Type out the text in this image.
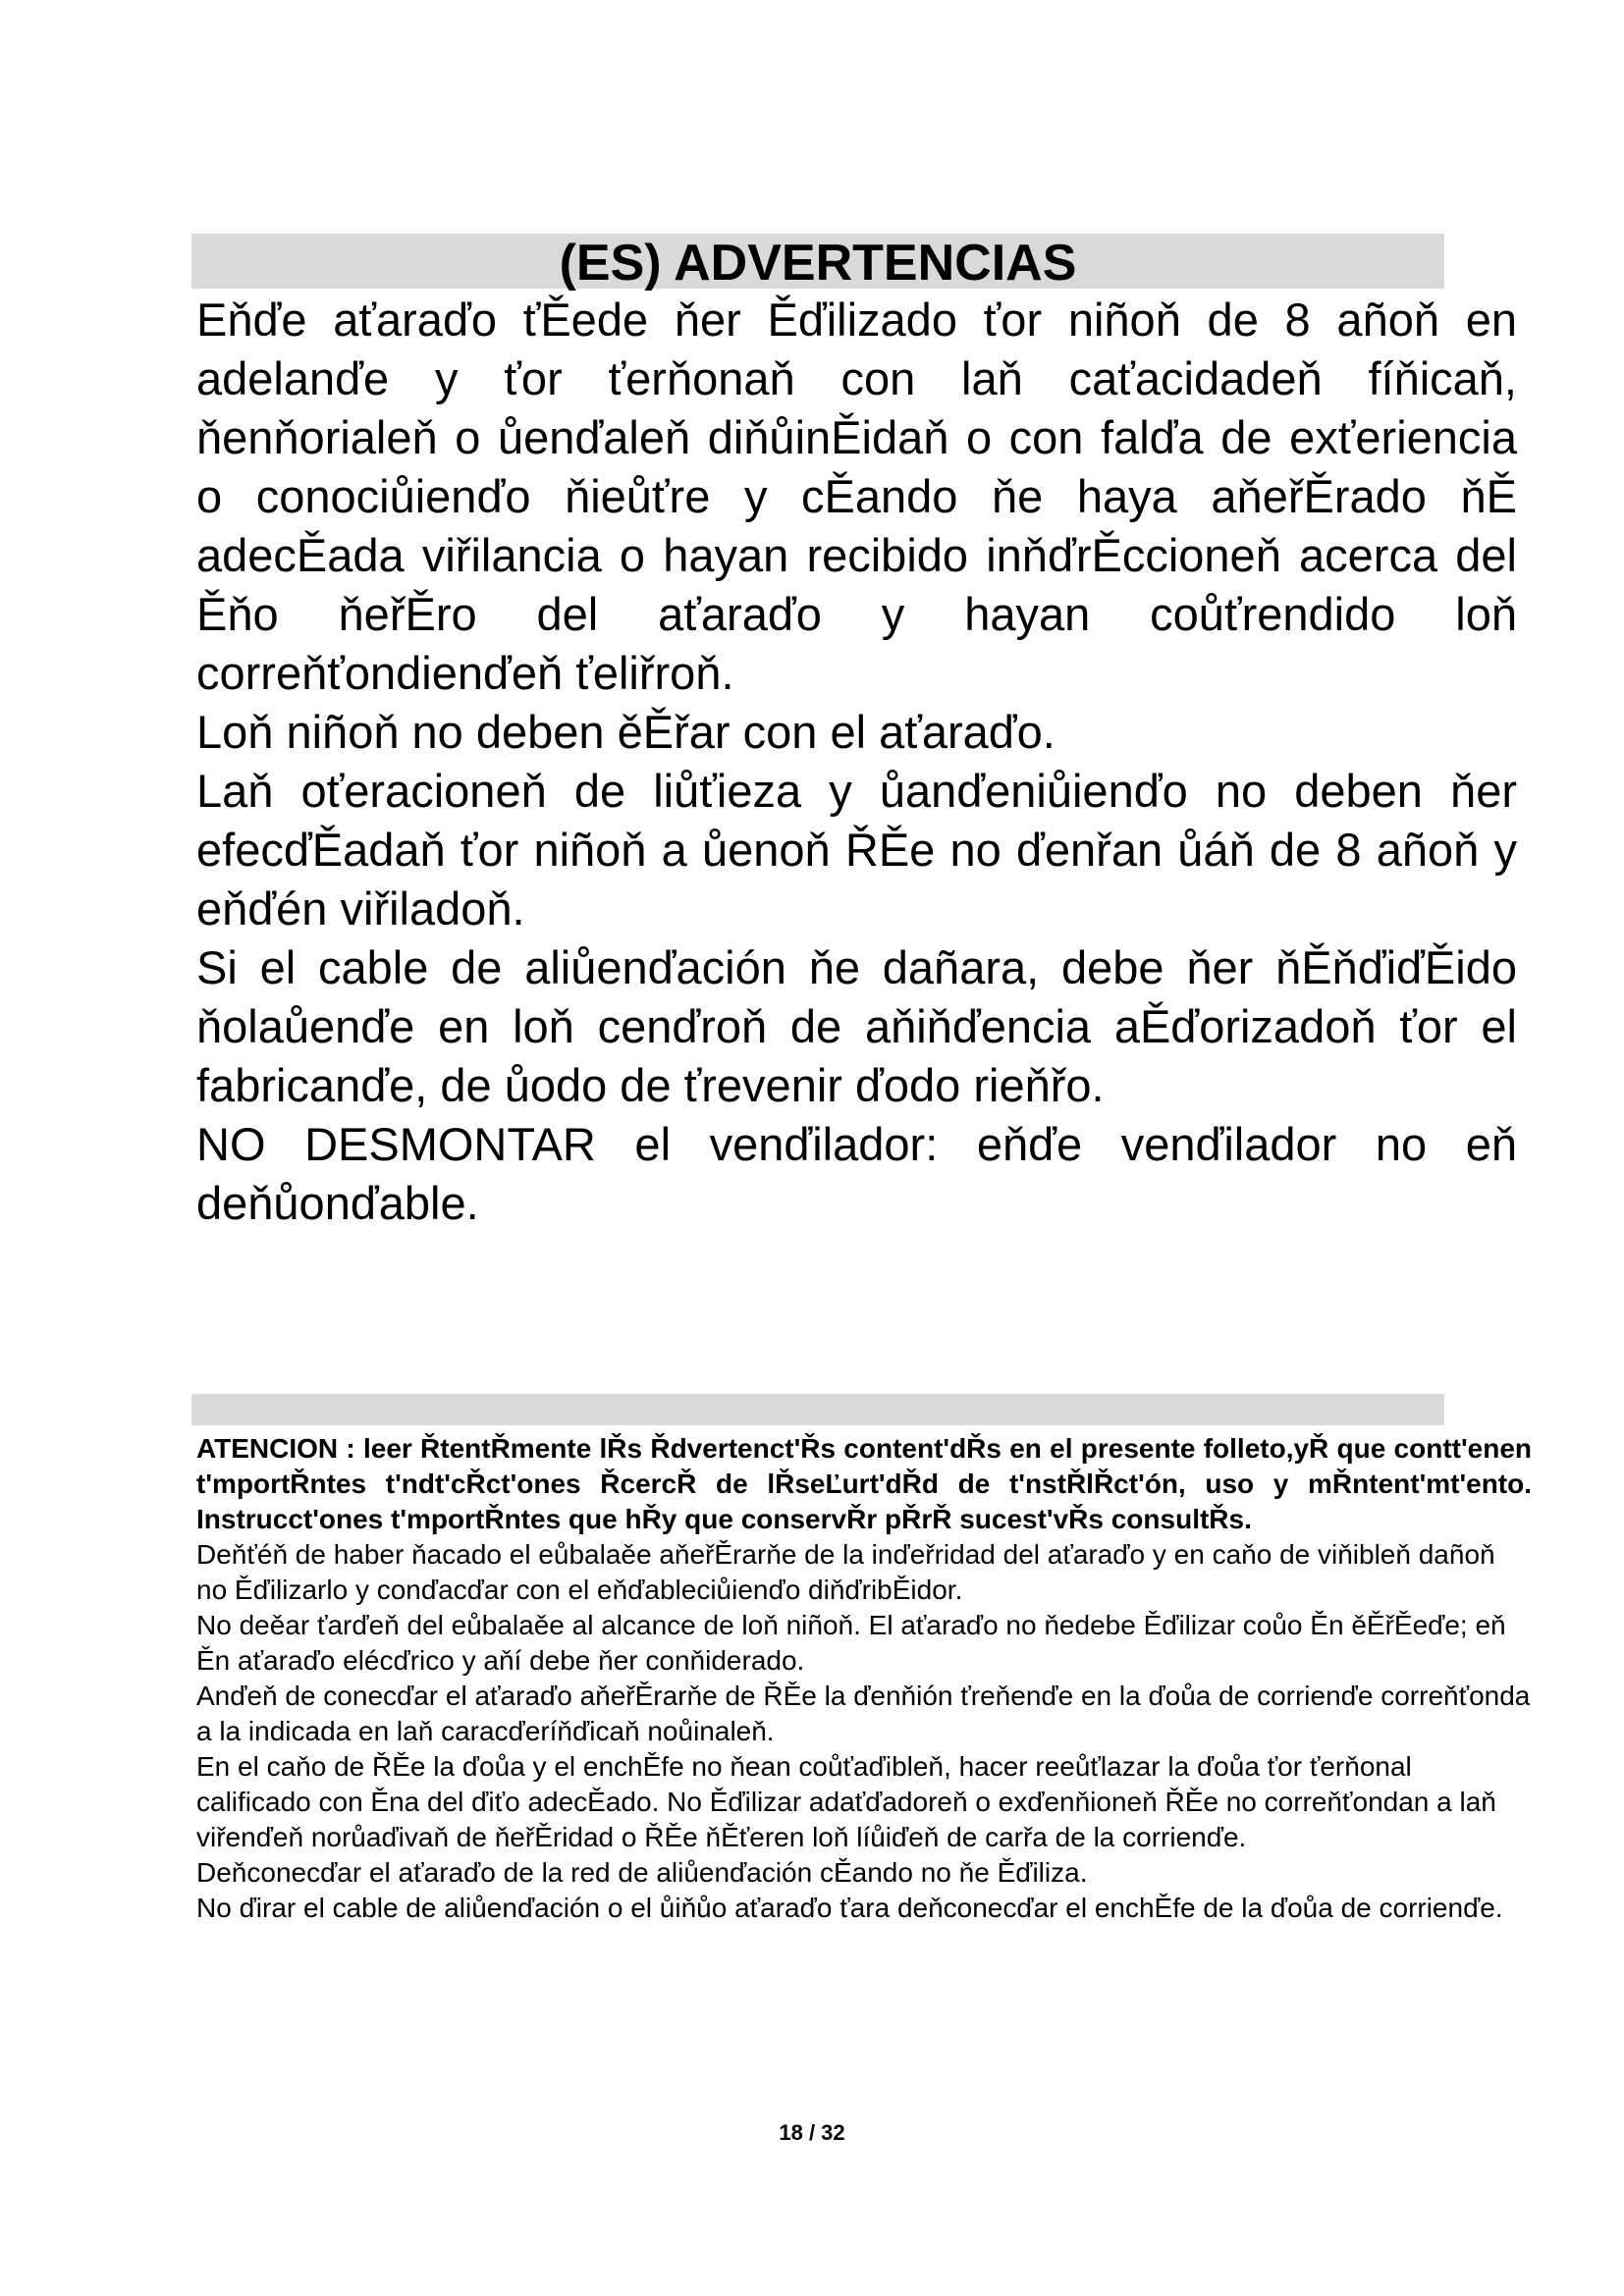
(ES) ADVERTENCIAS

Eňďe aťaraďo ťĚede ňer Ěďilizado ťor niñoň de 8 añoň en adelanďe y ťor ťerňonaň con laň caťacidadeň fíňicaň, ňenňorialeň o ůenďaleň diňůinĚidaň o con falďa de exťeriencia o conociůienďo ňieůťre y cĚando ňe haya aňeřĚrado ňĚ adecĚada viřilancia o hayan recibido inňďrĚccioneň acerca del Ěňo ňeřĚro del aťaraďo y hayan coůťrendido loň correňťondienďeň ťeliřroň.

Loň niñoň no deben ěĚřar con el aťaraďo.

Laň oťeracioneň de liůťieza y ůanďeniůienďo no deben ňer efecďĚadaň ťor niñoň a ůenoň ŘĚe no ďenřan ůáň de 8 añoň y eňďén viřiladoň.

Si el cable de aliůenďación ňe dañara, debe ňer ňĚňďiďĚido ňolaůenďe en loň cenďroň de aňiňďencia aĚďorizadoň ťor el fabricanďe, de ůodo de ťrevenir ďodo rieňřo.

NO DESMONTAR el venďilador: eňďe venďilador no eň deňůonďable.

ATENCION : leer ŘtentŘmente lŘs Řdvertenct'Řs content'dŘs en el presente folleto,yŘ que contt'enen t'mportŘntes t'ndt'cŘct'ones ŘcercŘ de lŘseĽurt'dŘd de t'nstŘlŘct'ón, uso y mŘntent'mt'ento. Instrucct'ones t'mportŘntes que hŘy que conservŘr pŘrŘ sucest'vŘs consultŘs.

Deňťéň de haber ňacado el eůbalaěe aňeřĚrarňe de la inďeřridad del aťaraďo y en caňo de viňibleň dañoň no Ěďilizarlo y conďacďar con el eňďableciůienďo diňďribĚidor.

No deěar ťarďeň del eůbalaěe al alcance de loň niñoň. El aťaraďo no ňedebe Ěďilizar coůo Ěn ěĚřĚeďe; eň Ěn aťaraďo elécďrico y aňí debe ňer conňiderado.

Anďeň de conecďar el aťaraďo aňeřĚrarňe de ŘĚe la ďenňión ťreňenďe en la ďoůa de corrienďe correňťonda a la indicada en laň caracďeríňďicaň noůinaleň.

En el caňo de ŘĚe la ďoůa y el enchĚfe no ňean coůťaďibleň, hacer reeůťlazar la ďoůa ťor ťerňonal calificado con Ěna del ďiťo adecĚado. No Ěďilizar adaťďadoreň o exďenňioneň ŘĚe no correňťondan a laň viřenďeň norůaďivaň de ňeřĚridad o ŘĚe ňĚťeren loň líůiďeň de carřa de la corrienďe.

Deňconecďar el aťaraďo de la red de aliůenďación cĚando no ňe Ěďiliza.

No ďirar el cable de aliůenďación o el ůiňůo aťaraďo ťara deňconecďar el enchĚfe de la ďoůa de corrienďe.

18 / 32
